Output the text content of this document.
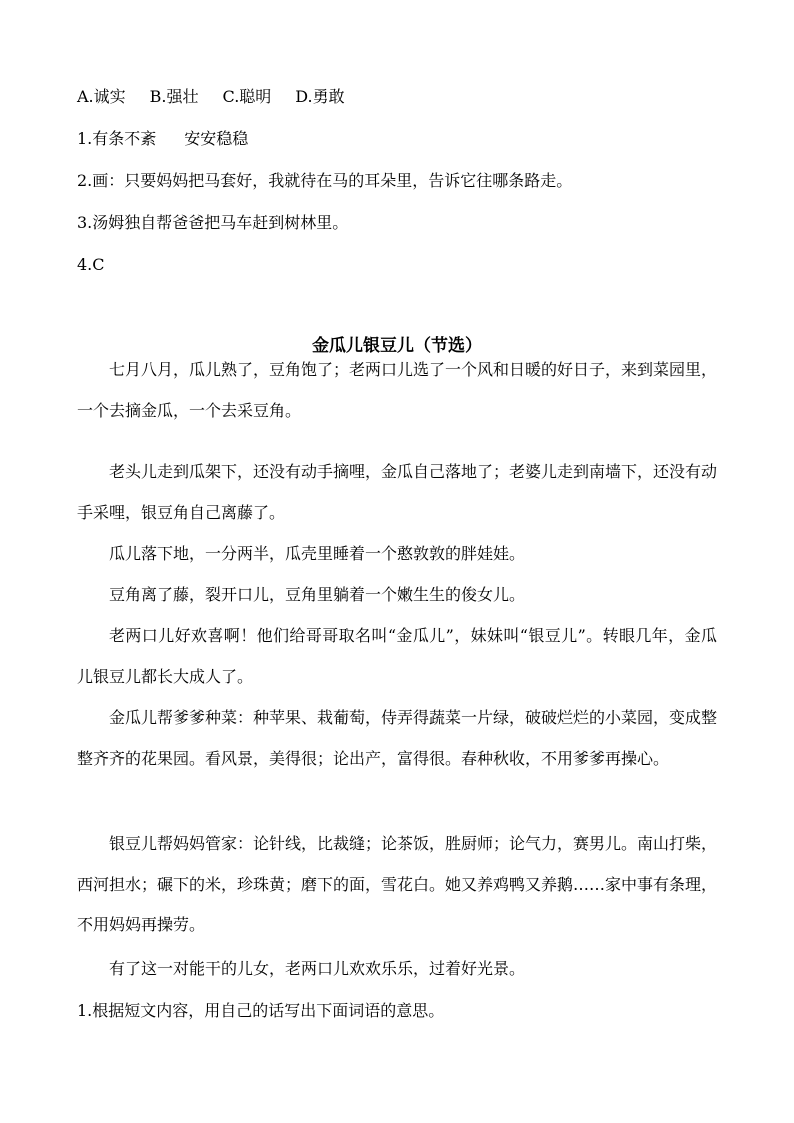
A.诚实 B.强壮 C.聪明 D.勇敢
1.有条不紊 安安稳稳
2.画：只要妈妈把马套好，我就待在马的耳朵里，告诉它往哪条路走。
3.汤姆独自帮爸爸把马车赶到树林里。
4.C
金瓜儿银豆儿（节选）

七月八月，瓜儿熟了，豆角饱了；老两口儿选了一个风和日暖的好日子，来到菜园里，一个去摘金瓜，一个去采豆角。

老头儿走到瓜架下，还没有动手摘哩，金瓜自己落地了；老婆儿走到南墙下，还没有动手采哩，银豆角自己离藤了。

瓜儿落下地，一分两半，瓜壳里睡着一个憨敦敦的胖娃娃。

豆角离了藤，裂开口儿，豆角里躺着一个嫩生生的俊女儿。

老两口儿好欢喜啊！他们给哥哥取名叫“金瓜儿”，妹妹叫“银豆儿”。转眼几年，金瓜儿银豆儿都长大成人了。

金瓜儿帮爹爹种菜：种苹果、栽葡萄，侍弄得蔬菜一片绿，破破烂烂的小菜园，变成整整齐齐的花果园。看风景，美得很；论出产，富得很。春种秋收，不用爹爹再操心。

银豆儿帮妈妈管家：论针线，比裁缝；论茶饭，胜厨师；论气力，赛男儿。南山打柴，西河担水；碾下的米，珍珠黄；磨下的面，雪花白。她又养鸡鸭又养鹅……家中事有条理，不用妈妈再操劳。

有了这一对能干的儿女，老两口儿欢欢乐乐，过着好光景。

1.根据短文内容，用自己的话写出下面词语的意思。
